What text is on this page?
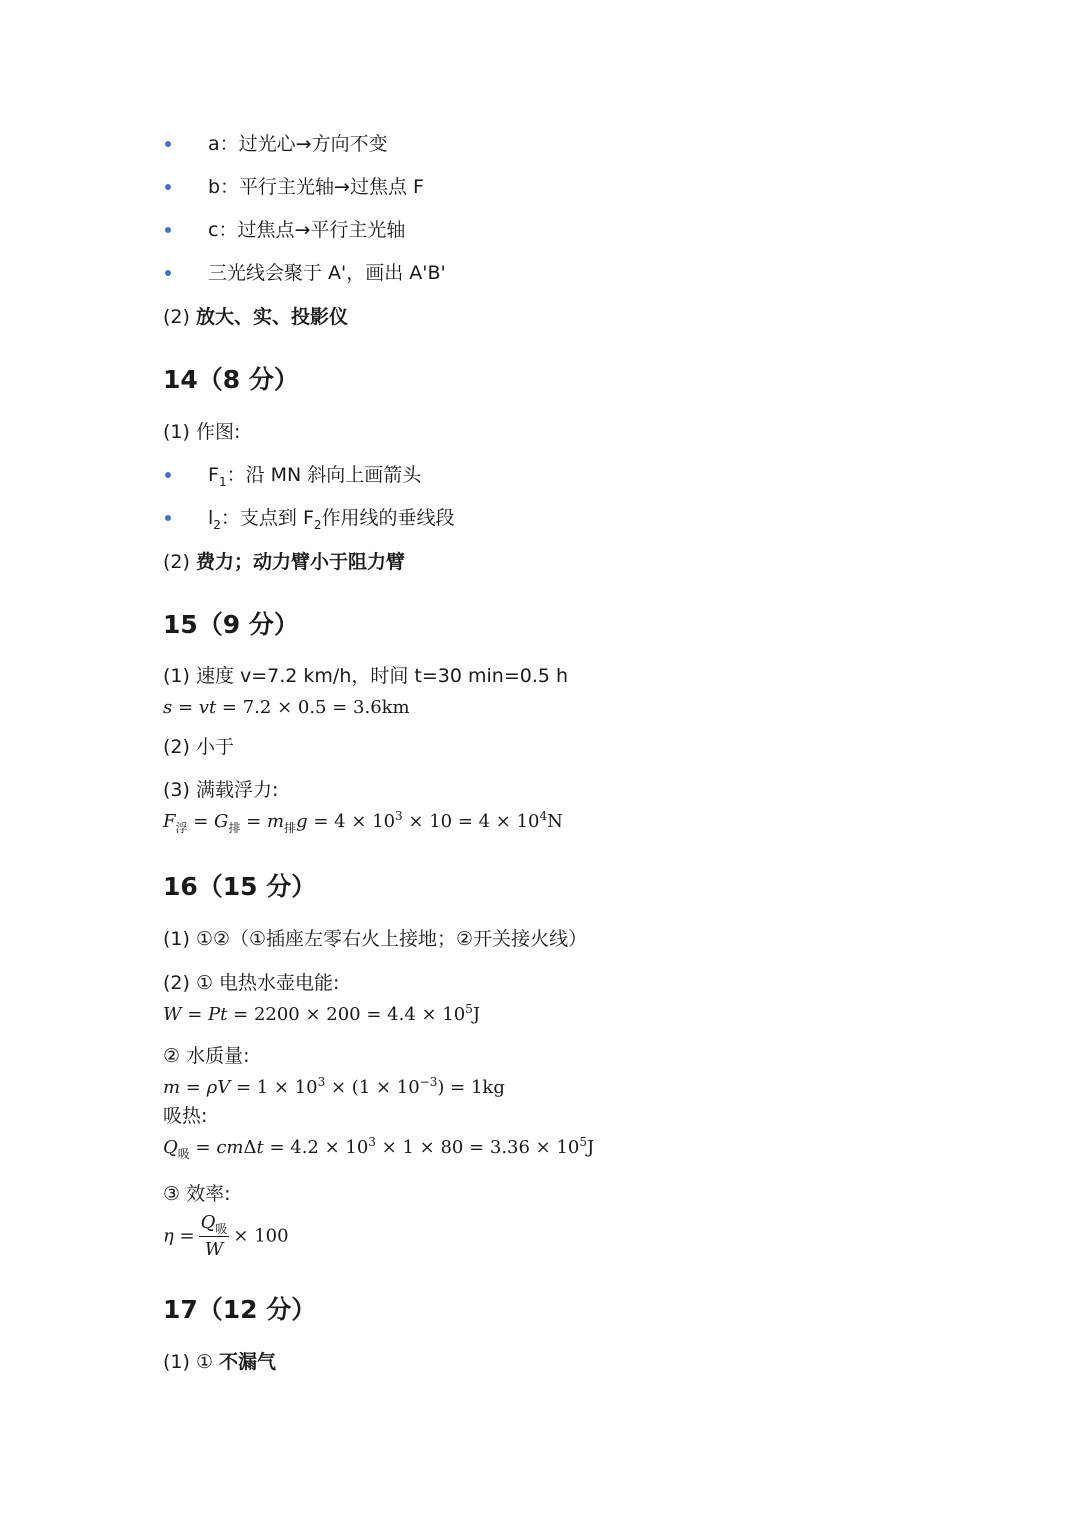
a：过光心→方向不变
b：平行主光轴→过焦点 F
c：过焦点→平行主光轴
三光线会聚于 A'，画出 A'B'
(2) 放大、实、投影仪
14（8 分）
(1) 作图:
$F_1$：沿 MN 斜向上画箭头
$l_2$：支点到 $F_2$作用线的垂线段
(2) 费力；动力臂小于阻力臂
15（9 分）
(1) 速度 v=7.2 km/h，时间 t=30 min=0.5 h
s = vt = 7.2 × 0.5 = 3.6km
(2) 小于
(3) 满载浮力:
$F_浮 = G_排 = m_排g = 4 \times 10^3 \times 10 = 4 \times 10^4N$
16（15 分）
(1) ①②（①插座左零右火上接地；②开关接火线）
(2) ① 电热水壶电能:
$W = Pt = 2200 \times 200 = 4.4 \times 10^5J$
② 水质量:
$m = \rho V = 1 \times 10^3 \times (1 \times 10^{-3}) = 1kg$
吸热:
$Q_吸 = cm\Delta t = 4.2 \times 10^3 \times 1 \times 80 = 3.36 \times 10^5J$
③ 效率:
$\eta = \frac{Q_吸}{W} \times 100$
17（12 分）
(1) ① 不漏气
